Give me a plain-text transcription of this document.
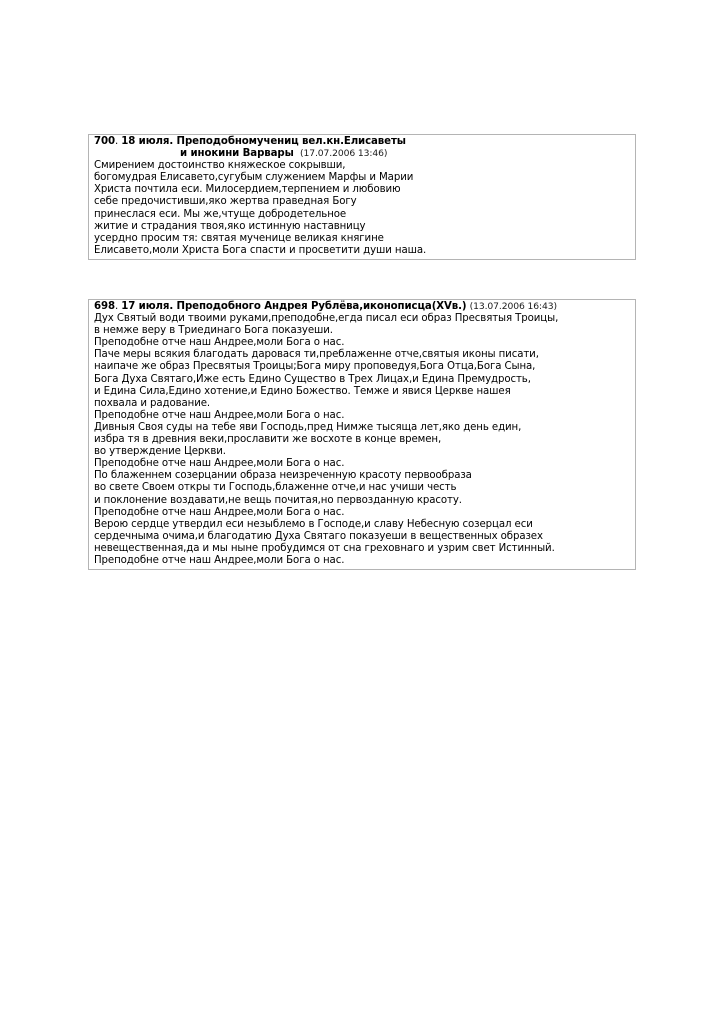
700. 18 июля. Преподобномучениц вел.кн.Елисаветы
и инокини Варвары (17.07.2006 13:46)
Смирением достоинство княжеское сокрывши,
богомудрая Елисавето,сугубым служением Марфы и Марии
Христа почтила еси. Милосердием,терпением и любовию
себе предочистивши,яко жертва праведная Богу
принеслася еси. Мы же,чтуще добродетельное
житие и страдания твоя,яко истинную наставницу
усердно просим тя: святая мученице великая княгине
Елисавето,моли Христа Бога спасти и просветити души наша.
698. 17 июля. Преподобного Андрея Рублёва,иконописца(XVв.) (13.07.2006 16:43)
Дух Святый води твоими руками,преподобне,егда писал еси образ Пресвятыя Троицы,
в немже веру в Триединаго Бога показуеши.
Преподобне отче наш Андрее,моли Бога о нас.
Паче меры всякия благодать даровася ти,преблаженне отче,святыя иконы писати,
наипаче же образ Пресвятыя Троицы;Бога миру проповедуя,Бога Отца,Бога Сына,
Бога Духа Святаго,Иже есть Едино Существо в Трех Лицах,и Едина Премудрость,
и Едина Сила,Едино хотение,и Едино Божество. Темже и явися Церкве нашея
похвала и радование.
Преподобне отче наш Андрее,моли Бога о нас.
Дивныя Своя суды на тебе яви Господь,пред Нимже тысяща лет,яко день един,
избра тя в древния веки,прославити же восхоте в конце времен,
во утверждение Церкви.
Преподобне отче наш Андрее,моли Бога о нас.
По блаженнем созерцании образа неизреченную красоту первообраза
во свете Своем откры ти Господь,блаженне отче,и нас учиши честь
и поклонение воздавати,не вещь почитая,но первозданную красоту.
Преподобне отче наш Андрее,моли Бога о нас.
Верою сердце утвердил еси незыблемо в Господе,и славу Небесную созерцал еси
сердечныма очима,и благодатию Духа Святаго показуеши в вещественных образех
невещественная,да и мы ныне пробудимся от сна греховнаго и узрим свет Истинный.
Преподобне отче наш Андрее,моли Бога о нас.
